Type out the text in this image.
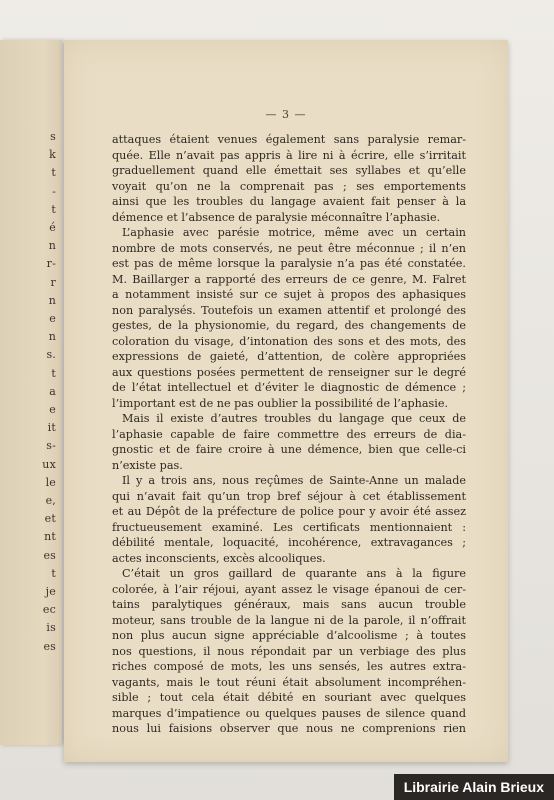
s
k
t
-
t
é
n
r-
r
n
e
n
s.
t
a
e
it
s-
ux
le
e,
et
nt
es
t
je
ec
is
es
— 3 —
attaques étaient venues également sans paralysie remar-
quée. Elle n’avait pas appris à lire ni à écrire, elle s’irritait
graduellement quand elle émettait ses syllabes et qu’elle
voyait qu’on ne la comprenait pas ; ses emportements
ainsi que les troubles du langage avaient fait penser à la
démence et l’absence de paralysie méconnaître l’aphasie.
L’aphasie avec parésie motrice, même avec un certain
nombre de mots conservés, ne peut être méconnue ; il n’en
est pas de même lorsque la paralysie n’a pas été constatée.
M. Baillarger a rapporté des erreurs de ce genre, M. Falret
a notamment insisté sur ce sujet à propos des aphasiques
non paralysés. Toutefois un examen attentif et prolongé des
gestes, de la physionomie, du regard, des changements de
coloration du visage, d’intonation des sons et des mots, des
expressions de gaieté, d’attention, de colère appropriées
aux questions posées permettent de renseigner sur le degré
de l’état intellectuel et d’éviter le diagnostic de démence ;
l’important est de ne pas oublier la possibilité de l’aphasie.
Mais il existe d’autres troubles du langage que ceux de
l’aphasie capable de faire commettre des erreurs de dia-
gnostic et de faire croire à une démence, bien que celle-ci
n’existe pas.
Il y a trois ans, nous reçûmes de Sainte-Anne un malade
qui n’avait fait qu’un trop bref séjour à cet établissement
et au Dépôt de la préfecture de police pour y avoir été assez
fructueusement examiné. Les certificats mentionnaient :
débilité mentale, loquacité, incohérence, extravagances ;
actes inconscients, excès alcooliques.
C’était un gros gaillard de quarante ans à la figure
colorée, à l’air réjoui, ayant assez le visage épanoui de cer-
tains paralytiques généraux, mais sans aucun trouble
moteur, sans trouble de la langue ni de la parole, il n’offrait
non plus aucun signe appréciable d’alcoolisme ; à toutes
nos questions, il nous répondait par un verbiage des plus
riches composé de mots, les uns sensés, les autres extra-
vagants, mais le tout réuni était absolument incompréhen-
sible ; tout cela était débité en souriant avec quelques
marques d’impatience ou quelques pauses de silence quand
nous lui faisions observer que nous ne comprenions rien
Librairie Alain Brieux
